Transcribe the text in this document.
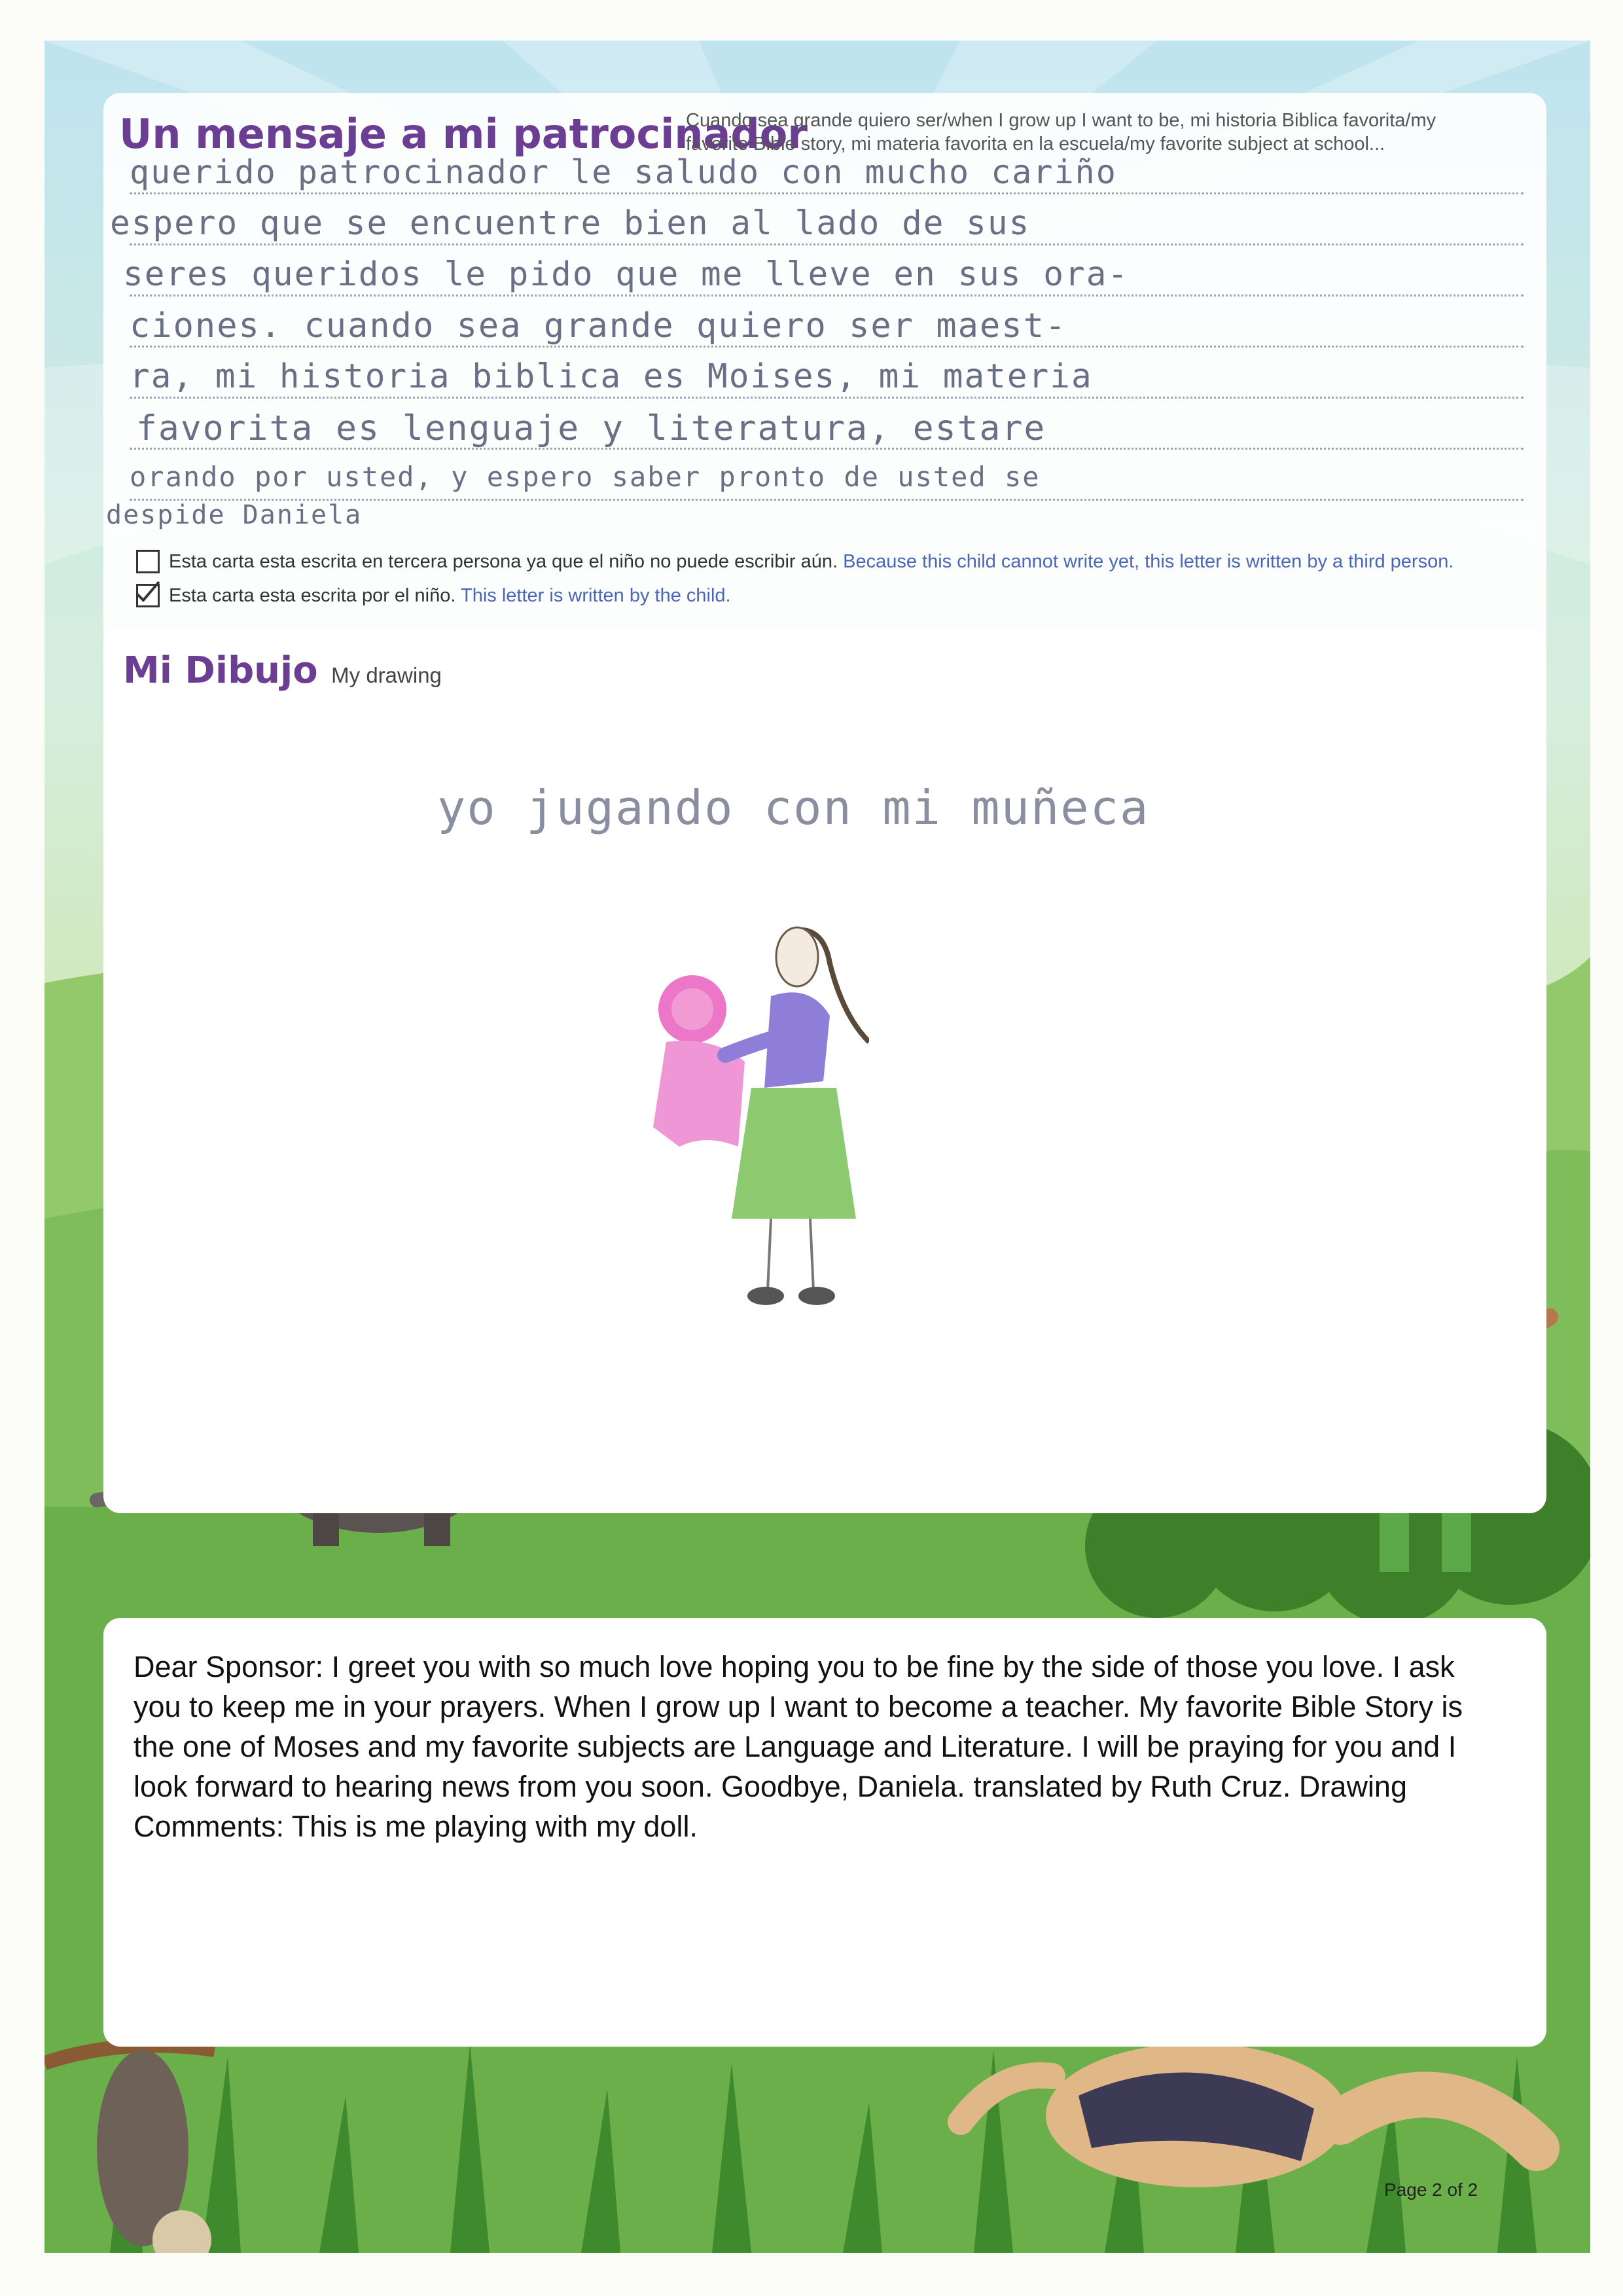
Un mensaje a mi patrocinador
Cuando sea grande quiero ser/when I grow up I want to be, mi historia Biblica favorita/my
favorite Bible story, mi materia favorita en la escuela/my favorite subject at school...
querido patrocinador le saludo con mucho cariño
espero que se encuentre bien al lado de sus
seres queridos le pido que me lleve en sus ora-
ciones. cuando sea grande quiero ser maest-
ra, mi historia biblica es Moises, mi materia
favorita es lenguaje y literatura, estare
orando por usted, y espero saber pronto de usted se
despide Daniela
Esta carta esta escrita en tercera persona ya que el niño no puede escribir aún. Because this child cannot write yet, this letter is written by a third person.
Esta carta esta escrita por el niño. This letter is written by the child.
Mi Dibujo My drawing
yo jugando con mi muñeca
Dear Sponsor: I greet you with so much love hoping you to be fine by the side of those you love. I ask you to keep me in your prayers. When I grow up I want to become a teacher. My favorite Bible Story is the one of Moses and my favorite subjects are Language and Literature. I will be praying for you and I look forward to hearing news from you soon. Goodbye, Daniela. translated by Ruth Cruz. Drawing Comments: This is me playing with my doll.
Page 2 of 2
